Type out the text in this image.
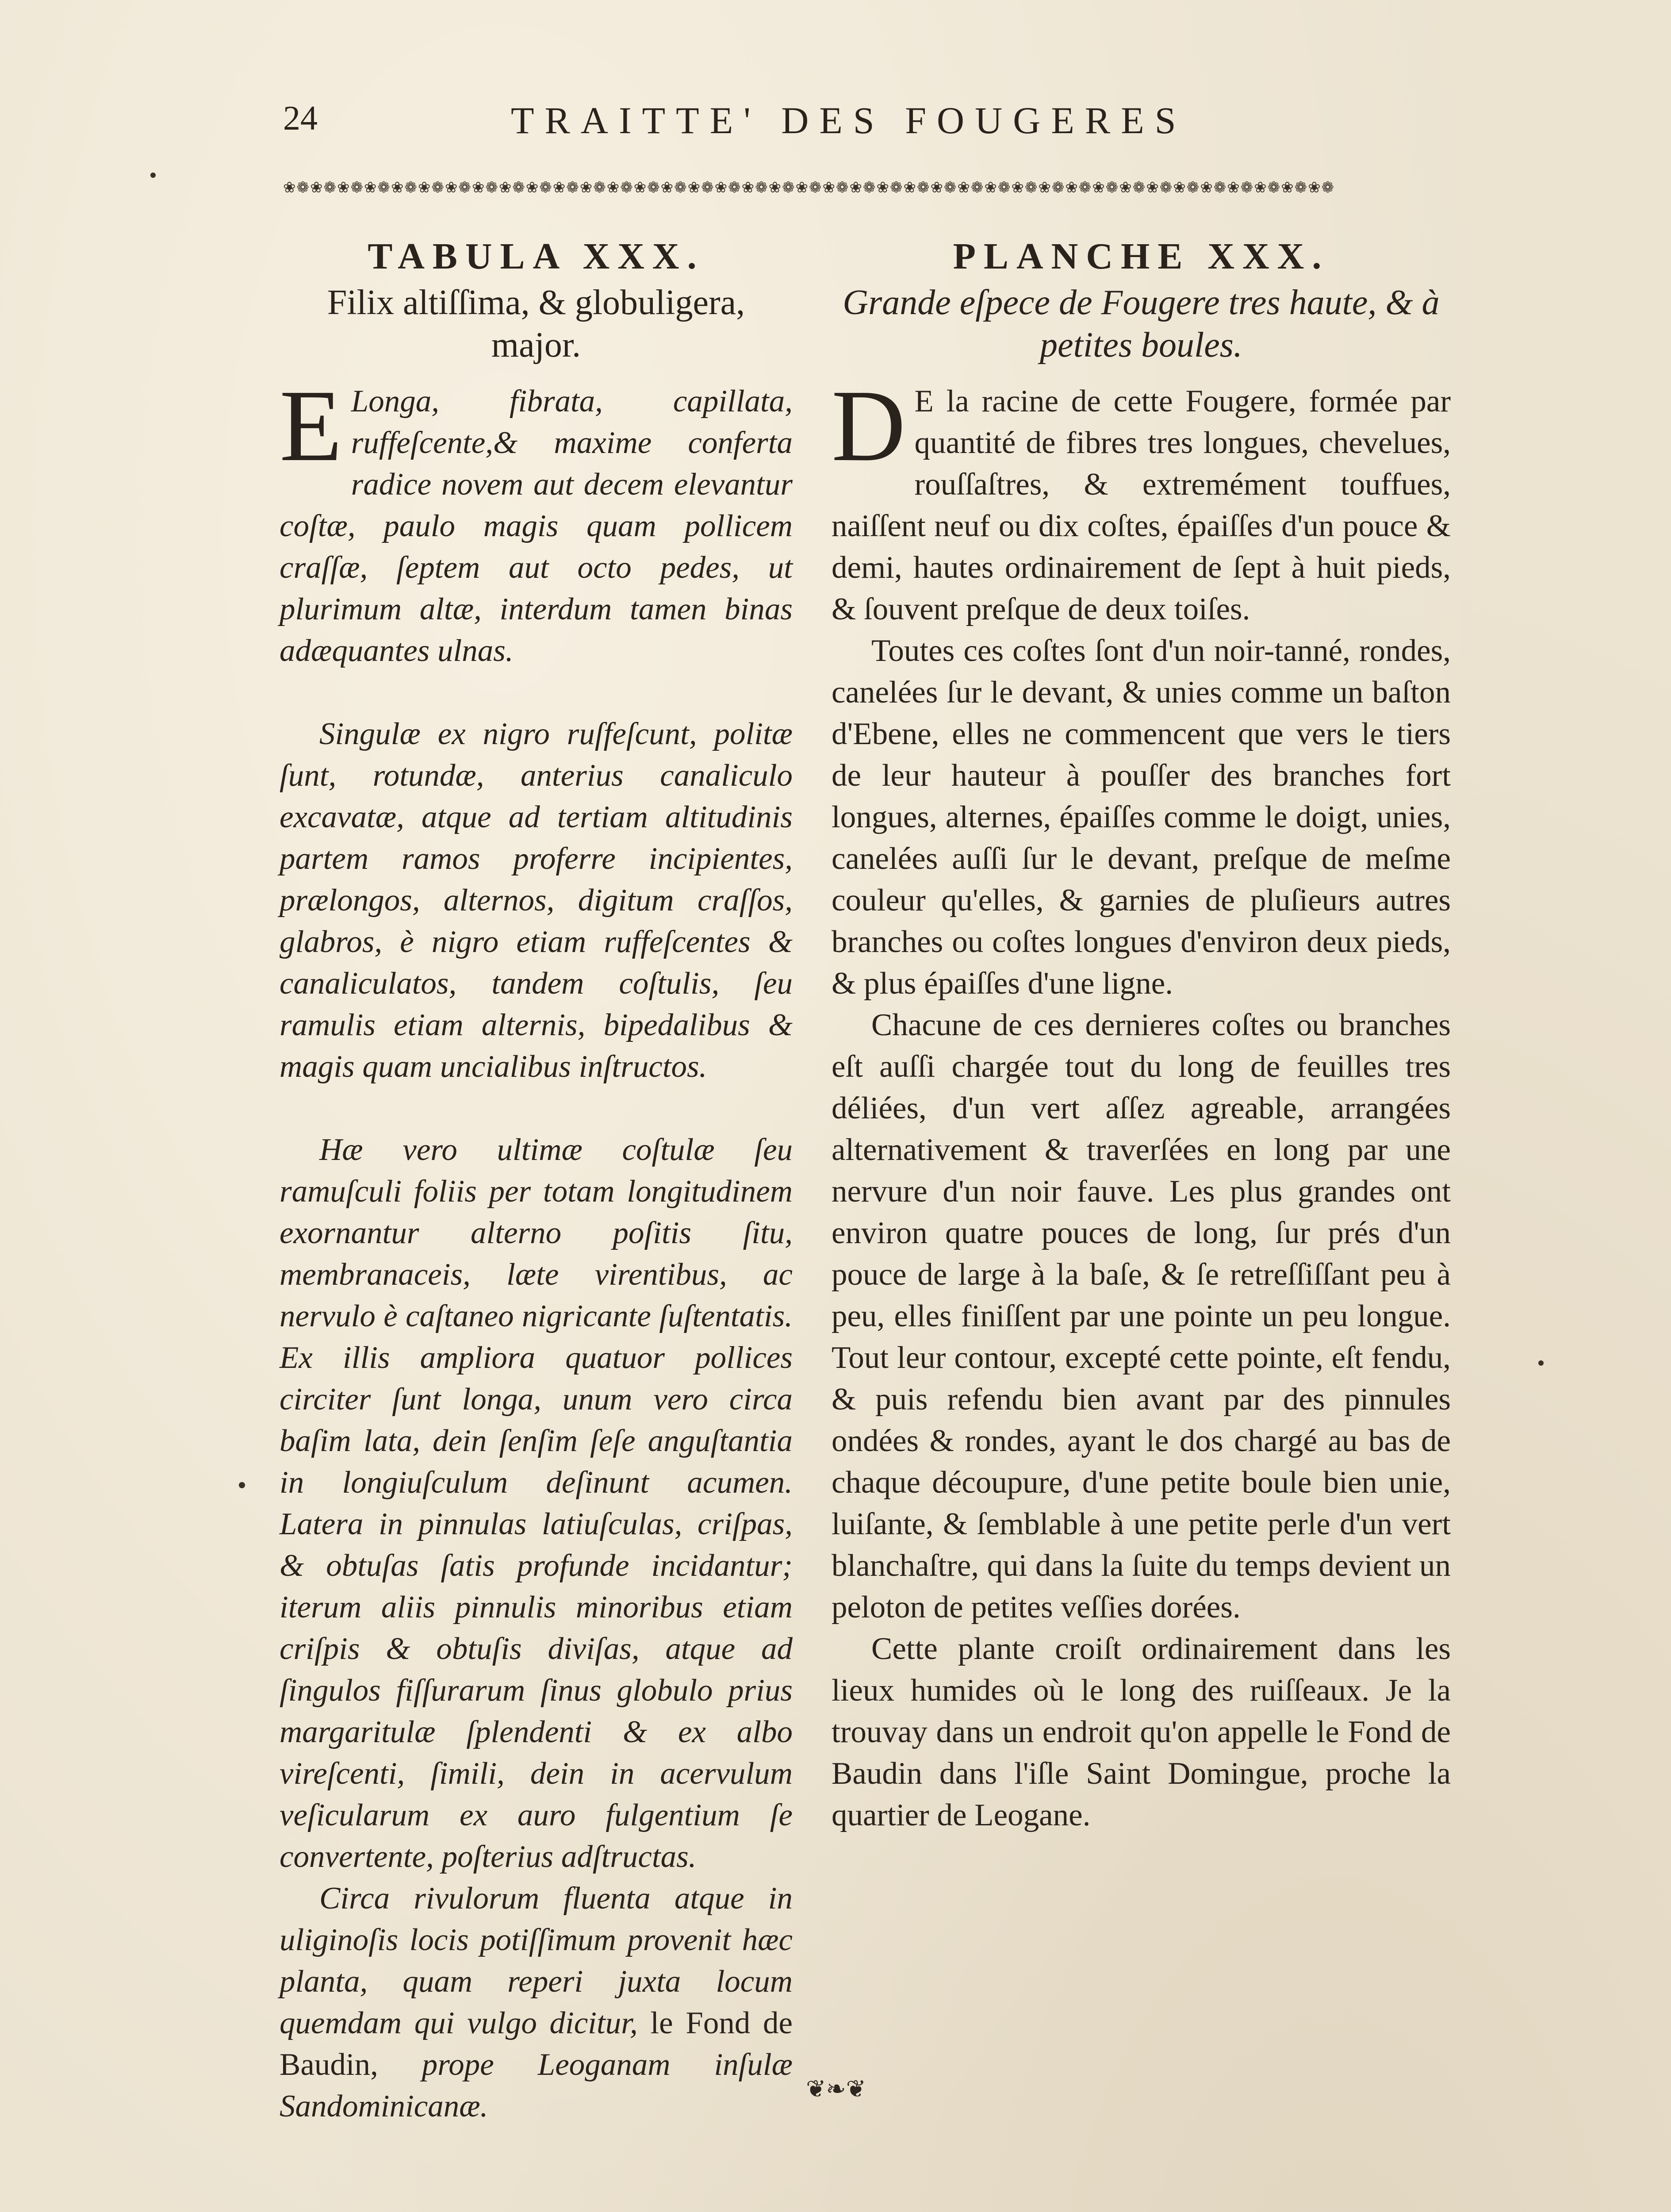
24	TRAITTE' DES FOUGERES
❀❁❀❁❀❁❀❁❀❁❀❁❀❁❀❁❀❁❀❁❀❁❀❁❀❁❀❁❀❁❀❁❀❁❀❁❀❁❀❁❀❁❀❁❀❁❀❁❀❁❀❁❀❁❀❁❀❁❀❁❀❁❀❁❀❁❀❁❀❁❀❁❀❁❀❁❀❁
TABULA XXX.
Filix altiſſima, & globuligera, major.

E Longa, fibrata, capillata, ruffeſcente,& maxime conferta radice novem aut decem elevantur coſtæ, paulo magis quam pollicem craſſæ, ſeptem aut octo pedes, ut plurimum altæ, interdum tamen binas adæquantes ulnas.

Singulæ ex nigro ruſfeſcunt, politæ ſunt, rotundæ, anterius canaliculo excavatæ, atque ad tertiam altitudinis partem ramos proferre incipientes, prælongos, alternos, digitum craſſos, glabros, è nigro etiam ruffeſcentes & canaliculatos, tandem coſtulis, ſeu ramulis etiam alternis, bipedalibus & magis quam uncialibus inſtructos.

Hæ vero ultimæ coſtulæ ſeu ramuſculi foliis per totam longitudinem exornantur alterno poſitis ſitu, membranaceis, læte virentibus, ac nervulo è caſtaneo nigricante ſuſtentatis. Ex illis ampliora quatuor pollices circiter ſunt longa, unum vero circa baſim lata, dein ſenſim ſeſe anguſtantia in longiuſculum deſinunt acumen. Latera in pinnulas latiuſculas, criſpas, & obtuſas ſatis profunde incidantur; iterum aliis pinnulis minoribus etiam criſpis & obtuſis diviſas, atque ad ſingulos fiſſurarum ſinus globulo prius margaritulæ ſplendenti & ex albo vireſcenti, ſimili, dein in acervulum veſicularum ex auro fulgentium ſe convertente, poſterius adſtructas.

Circa rivulorum fluenta atque in uliginoſis locis potiſſimum provenit hæc planta, quam reperi juxta locum quemdam qui vulgo dicitur, le Fond de Baudin, prope Leoganam inſulæ Sandominicanæ.

PLANCHE XXX.
Grande eſpece de Fougere tres haute, & à petites boules.

D E la racine de cette Fougere, formée par quantité de fibres tres longues, chevelues, rouſſaſtres, & extremément touffues, naiſſent neuf ou dix coſtes, épaiſſes d'un pouce & demi, hautes ordinairement de ſept à huit pieds, & ſouvent preſque de deux toiſes.

Toutes ces coſtes ſont d'un noir-tanné, rondes, canelées ſur le devant, & unies comme un baſton d'Ebene, elles ne commencent que vers le tiers de leur hauteur à pouſſer des branches fort longues, alternes, épaiſſes comme le doigt, unies, canelées auſſi ſur le devant, preſque de meſme couleur qu'elles, & garnies de pluſieurs autres branches ou coſtes longues d'environ deux pieds, & plus épaiſſes d'une ligne.

Chacune de ces dernieres coſtes ou branches eſt auſſi chargée tout du long de feuilles tres déliées, d'un vert aſſez agreable, arrangées alternativement & traverſées en long par une nervure d'un noir fauve. Les plus grandes ont environ quatre pouces de long, ſur prés d'un pouce de large à la baſe, & ſe retreſſiſſant peu à peu, elles finiſſent par une pointe un peu longue. Tout leur contour, excepté cette pointe, eſt fendu, & puis refendu bien avant par des pinnules ondées & rondes, ayant le dos chargé au bas de chaque découpure, d'une petite boule bien unie, luiſante, & ſemblable à une petite perle d'un vert blanchaſtre, qui dans la ſuite du temps devient un peloton de petites veſſies dorées.

Cette plante croiſt ordinairement dans les lieux humides où le long des ruiſſeaux. Je la trouvay dans un endroit qu'on appelle le Fond de Baudin dans l'iſle Saint Domingue, proche la quartier de Leogane.

❦❧❦
